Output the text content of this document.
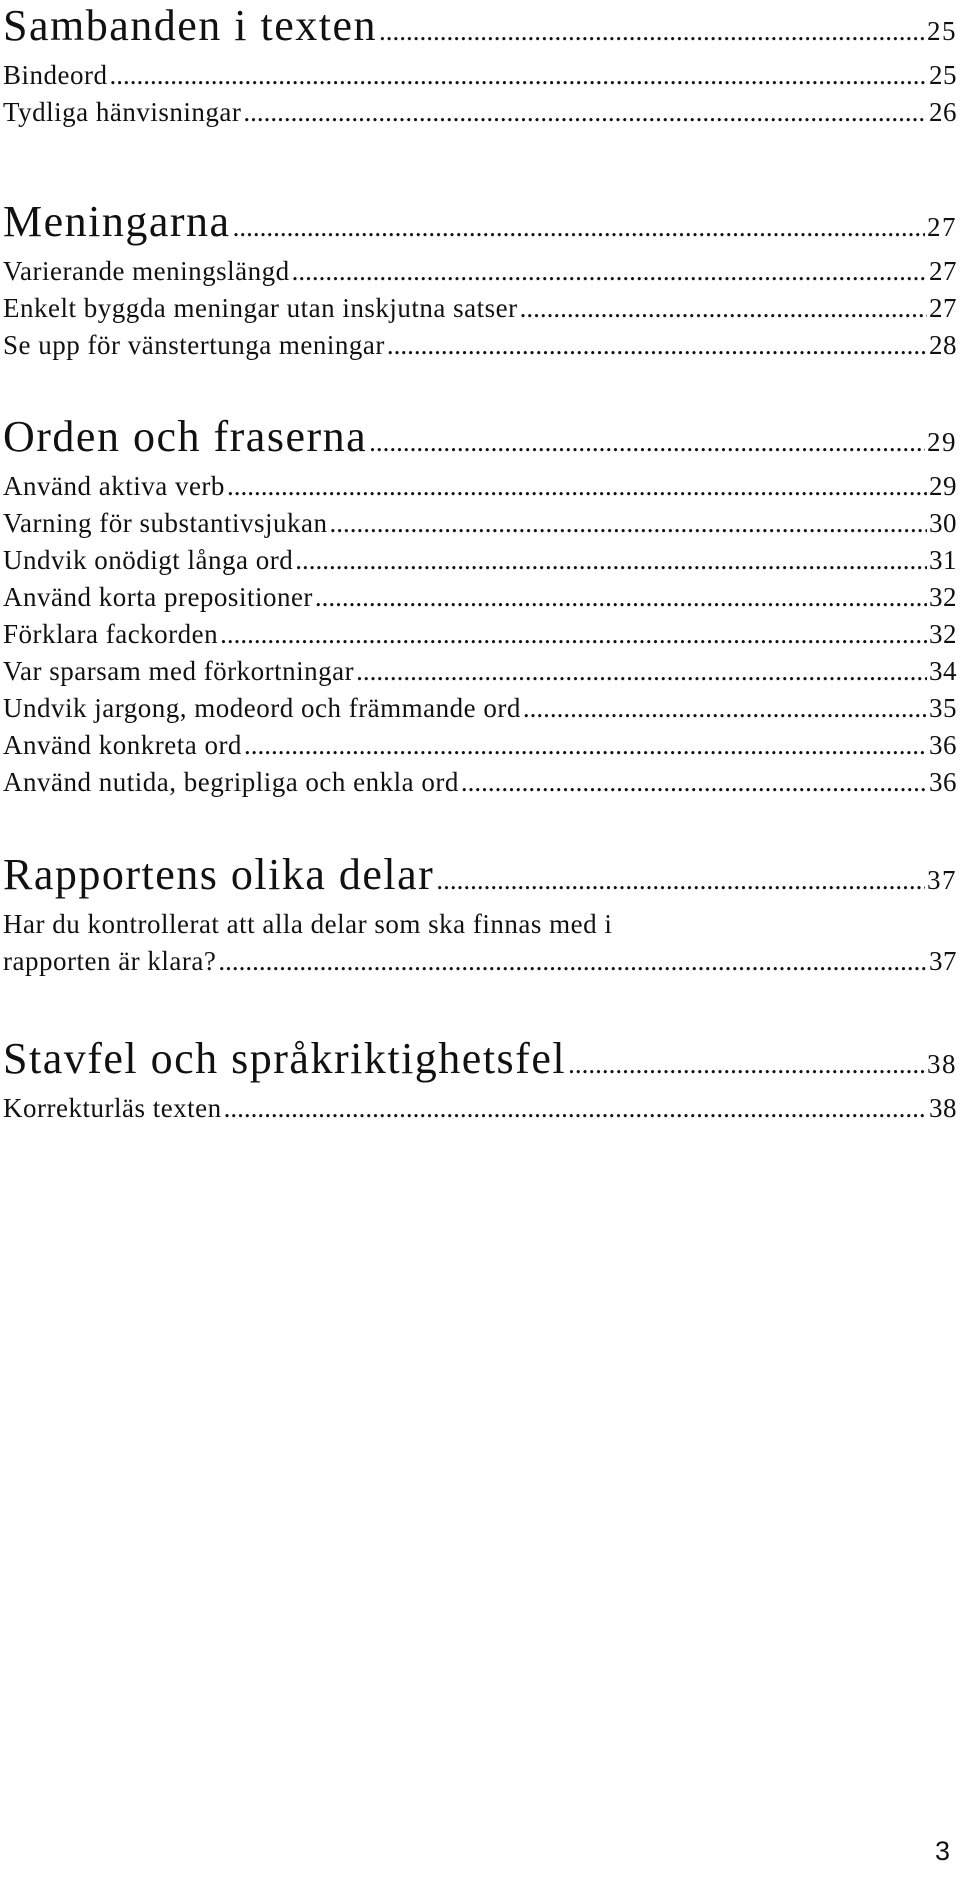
Sambanden i texten .....	25
Bindeord .....	25
Tydliga hänvisningar .....	26
Meningarna .....	27
Varierande meningslängd .....	27
Enkelt byggda meningar utan inskjutna satser .....	27
Se upp för vänstertunga meningar .....	28
Orden och fraserna .....	29
Använd aktiva verb .....	29
Varning för substantivsjukan .....	30
Undvik onödigt långa ord .....	31
Använd korta prepositioner .....	32
Förklara fackorden .....	32
Var sparsam med förkortningar .....	34
Undvik jargong, modeord och främmande ord .....	35
Använd konkreta ord .....	36
Använd nutida, begripliga och enkla ord .....	36
Rapportens olika delar .....	37
Har du kontrollerat att alla delar som ska finnas med i
rapporten är klara? .....	37
Stavfel och språkriktighetsfel .....	38
Korrekturläs texten .....	38
3
